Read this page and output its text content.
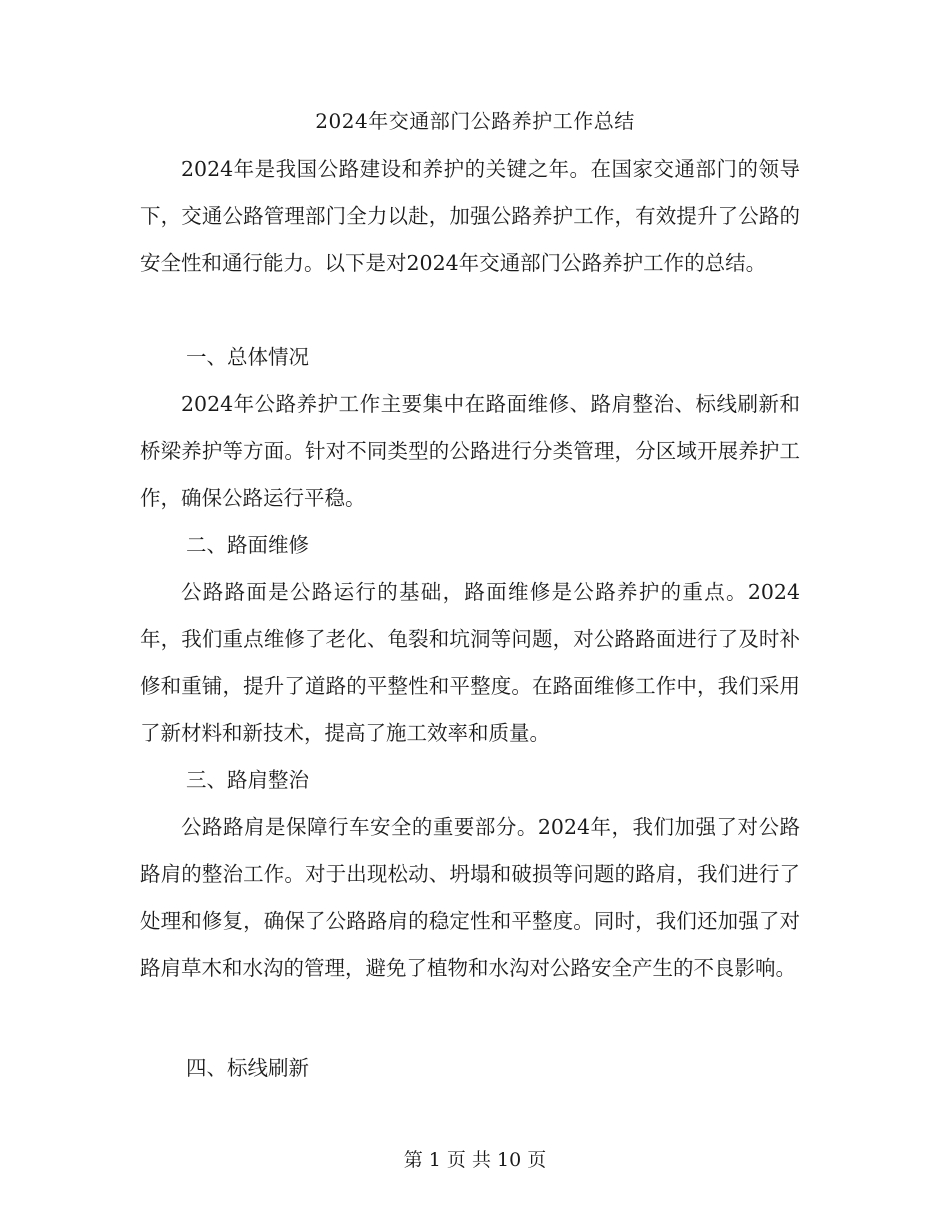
2024年交通部门公路养护工作总结

2024年是我国公路建设和养护的关键之年。在国家交通部门的领导下，交通公路管理部门全力以赴，加强公路养护工作，有效提升了公路的安全性和通行能力。以下是对2024年交通部门公路养护工作的总结。

一、总体情况

2024年公路养护工作主要集中在路面维修、路肩整治、标线刷新和桥梁养护等方面。针对不同类型的公路进行分类管理，分区域开展养护工作，确保公路运行平稳。

二、路面维修

公路路面是公路运行的基础，路面维修是公路养护的重点。2024年，我们重点维修了老化、龟裂和坑洞等问题，对公路路面进行了及时补修和重铺，提升了道路的平整性和平整度。在路面维修工作中，我们采用了新材料和新技术，提高了施工效率和质量。

三、路肩整治

公路路肩是保障行车安全的重要部分。2024年，我们加强了对公路路肩的整治工作。对于出现松动、坍塌和破损等问题的路肩，我们进行了处理和修复，确保了公路路肩的稳定性和平整度。同时，我们还加强了对路肩草木和水沟的管理，避免了植物和水沟对公路安全产生的不良影响。

四、标线刷新
第 1 页 共 10 页
